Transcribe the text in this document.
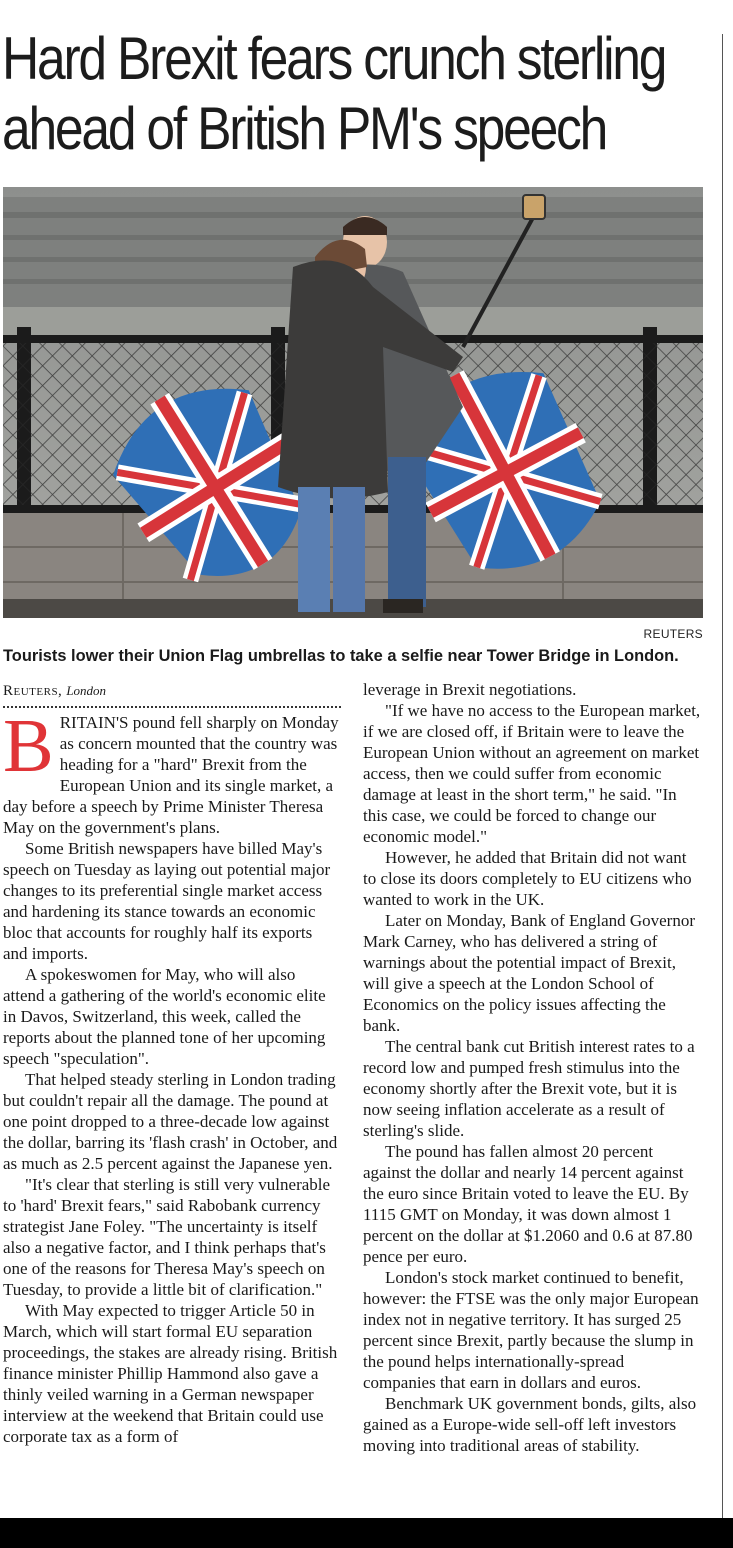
Hard Brexit fears crunch sterling
ahead of British PM's speech
REUTERS

Tourists lower their Union Flag umbrellas to take a selfie near Tower Bridge in London.

Reuters, London

BRITAIN'S pound fell sharply on Monday as concern mounted that the country was heading for a "hard" Brexit from the European Union and its single market, a day before a speech by Prime Minister Theresa May on the government's plans.

Some British newspapers have billed May's speech on Tuesday as laying out potential major changes to its preferential single market access and hardening its stance towards an economic bloc that accounts for roughly half its exports and imports.

A spokeswomen for May, who will also attend a gathering of the world's economic elite in Davos, Switzerland, this week, called the reports about the planned tone of her upcoming speech "speculation".

That helped steady sterling in London trading but couldn't repair all the damage. The pound at one point dropped to a three-decade low against the dollar, barring its 'flash crash' in October, and as much as 2.5 percent against the Japanese yen.

"It's clear that sterling is still very vulnerable to 'hard' Brexit fears," said Rabobank currency strategist Jane Foley. "The uncertainty is itself also a negative factor, and I think perhaps that's one of the reasons for Theresa May's speech on Tuesday, to provide a little bit of clarification."

With May expected to trigger Article 50 in March, which will start formal EU separation proceedings, the stakes are already rising. British finance minister Phillip Hammond also gave a thinly veiled warning in a German newspaper interview at the weekend that Britain could use corporate tax as a form of

leverage in Brexit negotiations.

"If we have no access to the European market, if we are closed off, if Britain were to leave the European Union without an agreement on market access, then we could suffer from economic damage at least in the short term," he said. "In this case, we could be forced to change our economic model."

However, he added that Britain did not want to close its doors completely to EU citizens who wanted to work in the UK.

Later on Monday, Bank of England Governor Mark Carney, who has delivered a string of warnings about the potential impact of Brexit, will give a speech at the London School of Economics on the policy issues affecting the bank.

The central bank cut British interest rates to a record low and pumped fresh stimulus into the economy shortly after the Brexit vote, but it is now seeing inflation accelerate as a result of sterling's slide.

The pound has fallen almost 20 percent against the dollar and nearly 14 percent against the euro since Britain voted to leave the EU. By 1115 GMT on Monday, it was down almost 1 percent on the dollar at $1.2060 and 0.6 at 87.80 pence per euro.

London's stock market continued to benefit, however: the FTSE was the only major European index not in negative territory. It has surged 25 percent since Brexit, partly because the slump in the pound helps internationally-spread companies that earn in dollars and euros.

Benchmark UK government bonds, gilts, also gained as a Europe-wide sell-off left investors moving into traditional areas of stability.
